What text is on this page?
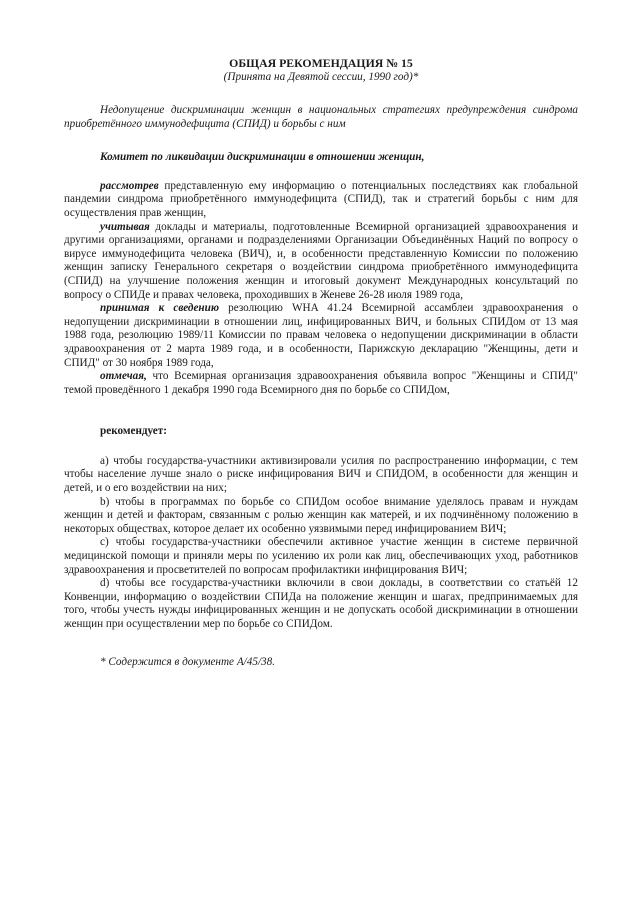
ОБЩАЯ РЕКОМЕНДАЦИЯ № 15
(Принята на Девятой сессии, 1990 год)*

Недопущение дискриминации женщин в национальных стратегиях предупреждения синдрома приобретённого иммунодефицита (СПИД) и борьбы с ним

Комитет по ликвидации дискриминации в отношении женщин,

рассмотрев представленную ему информацию о потенциальных последствиях как глобальной пандемии синдрома приобретённого иммунодефицита (СПИД), так и стратегий борьбы с ним для осуществления прав женщин,

учитывая доклады и материалы, подготовленные Всемирной организацией здравоохранения и другими организациями, органами и подразделениями Организации Объединённых Наций по вопросу о вирусе иммунодефицита человека (ВИЧ), и, в особенности представленную Комиссии по положению женщин записку Генерального секретаря о воздействии синдрома приобретённого иммунодефицита (СПИД) на улучшение положения женщин и итоговый документ Международных консультаций по вопросу о СПИДе и правах человека, проходивших в Женеве 26-28 июля 1989 года,

принимая к сведению резолюцию WHA 41.24 Всемирной ассамблеи здравоохранения о недопущении дискриминации в отношении лиц, инфицированных ВИЧ, и больных СПИДом от 13 мая 1988 года, резолюцию 1989/11 Комиссии по правам человека о недопущении дискриминации в области здравоохранения от 2 марта 1989 года, и в особенности, Парижскую декларацию "Женщины, дети и СПИД" от 30 ноября 1989 года,

отмечая, что Всемирная организация здравоохранения объявила вопрос "Женщины и СПИД" темой проведённого 1 декабря 1990 года Всемирного дня по борьбе со СПИДом,

рекомендует:

a) чтобы государства-участники активизировали усилия по распространению информации, с тем чтобы население лучше знало о риске инфицирования ВИЧ и СПИДОМ, в особенности для женщин и детей, и о его воздействии на них;

b) чтобы в программах по борьбе со СПИДом особое внимание уделялось правам и нуждам женщин и детей и факторам, связанным с ролью женщин как матерей, и их подчинённому положению в некоторых обществах, которое делает их особенно уязвимыми перед инфицированием ВИЧ;

c) чтобы государства-участники обеспечили активное участие женщин в системе первичной медицинской помощи и приняли меры по усилению их роли как лиц, обеспечивающих уход, работников здравоохранения и просветителей по вопросам профилактики инфицирования ВИЧ;

d) чтобы все государства-участники включили в свои доклады, в соответствии со статьёй 12 Конвенции, информацию о воздействии СПИДа на положение женщин и шагах, предпринимаемых для того, чтобы учесть нужды инфицированных женщин и не допускать особой дискриминации в отношении женщин при осуществлении мер по борьбе со СПИДом.

* Содержится в документе А/45/38.
